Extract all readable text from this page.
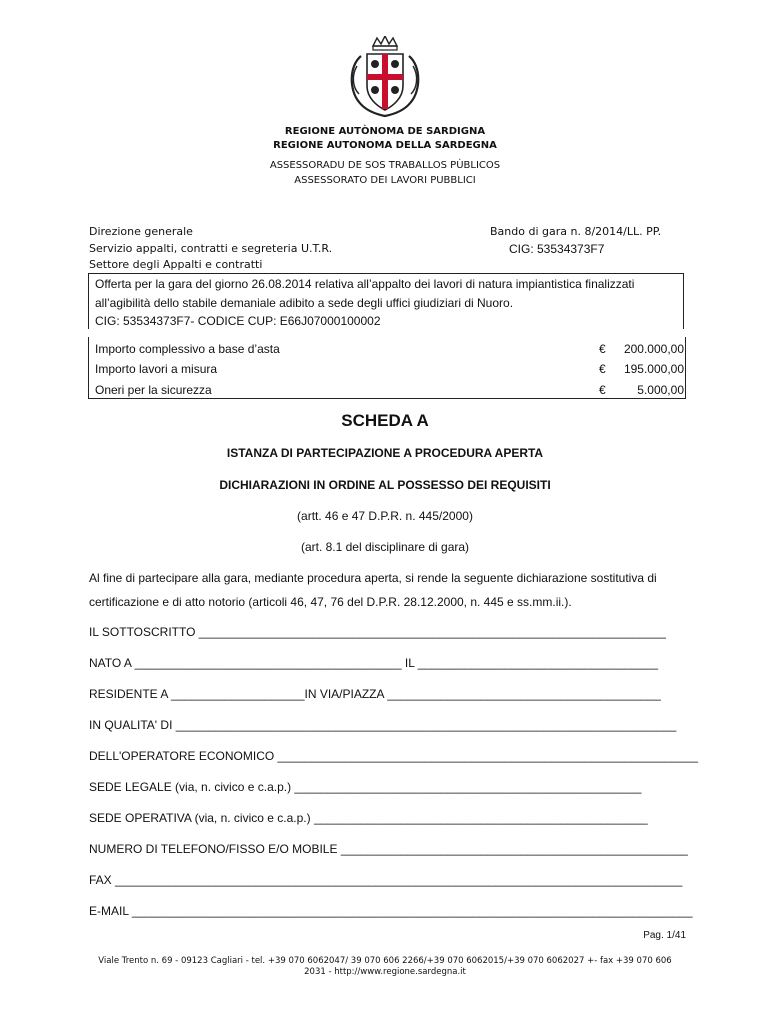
REGIONE AUTÒNOMA DE SARDIGNA
REGIONE AUTONOMA DELLA SARDEGNA
ASSESSORADU DE SOS TRABALLOS PÙBLICOS
ASSESSORATO DEI LAVORI PUBBLICI
Direzione generale
Servizio appalti, contratti e segreteria U.T.R.
Settore degli Appalti e contratti
Bando di gara n. 8/2014/LL. PP.
CIG: 53534373F7
Offerta per la gara del giorno 26.08.2014 relativa all’appalto dei lavori di natura impiantistica finalizzati
all’agibilità dello stabile demaniale adibito a sede degli uffici giudiziari di Nuoro.
CIG: 53534373F7- CODICE CUP: E66J07000100002
Importo complessivo a base d’asta	€ 200.000,00
Importo lavori a misura	€ 195.000,00
Oneri per la sicurezza	€	5.000,00
SCHEDA A
ISTANZA DI PARTECIPAZIONE A PROCEDURA APERTA
DICHIARAZIONI IN ORDINE AL POSSESSO DEI REQUISITI
(artt. 46 e 47 D.P.R. n. 445/2000)
(art. 8.1 del disciplinare di gara)
Al fine di partecipare alla gara, mediante procedura aperta, si rende la seguente dichiarazione sostitutiva di
certificazione e di atto notorio (articoli 46, 47, 76 del D.P.R. 28.12.2000, n. 445 e ss.mm.ii.).
IL SOTTOSCRITTO ______________________________________________________________________
NATO A ________________________________________ IL ____________________________________
RESIDENTE A ____________________IN VIA/PIAZZA _________________________________________
IN QUALITA' DI ___________________________________________________________________________
DELL'OPERATORE ECONOMICO _______________________________________________________________
SEDE LEGALE (via, n. civico e c.a.p.) ____________________________________________________
SEDE OPERATIVA (via, n. civico e c.a.p.) __________________________________________________
NUMERO DI TELEFONO/FISSO E/O MOBILE ____________________________________________________
FAX _____________________________________________________________________________________
E-MAIL ____________________________________________________________________________________
Pag. 1/41
Viale Trento n. 69 - 09123 Cagliari - tel. +39 070 6062047/ 39 070 606 2266/+39 070 6062015/+39 070 6062027 +- fax +39 070 606
2031 - http://www.regione.sardegna.it
